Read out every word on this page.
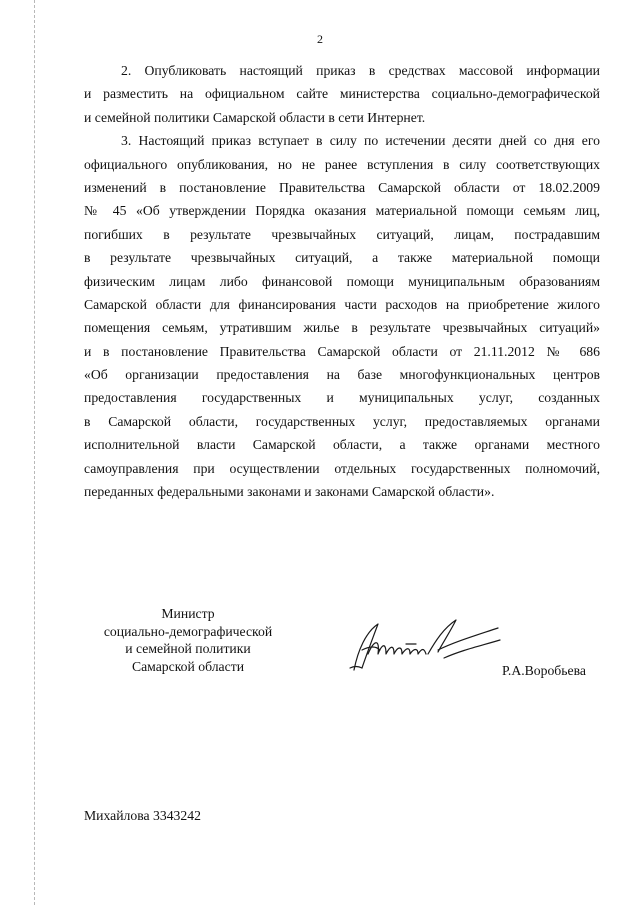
2
2. Опубликовать настоящий приказ в средствах массовой информации
и разместить на официальном сайте министерства социально-демографической
и семейной политики Самарской области в сети Интернет.
3. Настоящий приказ вступает в силу по истечении десяти дней со дня его
официального опубликования, но не ранее вступления в силу соответствующих
изменений в постановление Правительства Самарской области от 18.02.2009
№ 45 «Об утверждении Порядка оказания материальной помощи семьям лиц,
погибших в результате чрезвычайных ситуаций, лицам, пострадавшим
в результате чрезвычайных ситуаций, а также материальной помощи
физическим лицам либо финансовой помощи муниципальным образованиям
Самарской области для финансирования части расходов на приобретение жилого
помещения семьям, утратившим жилье в результате чрезвычайных ситуаций»
и в постановление Правительства Самарской области от 21.11.2012 № 686
«Об организации предоставления на базе многофункциональных центров
предоставления государственных и муниципальных услуг, созданных
в Самарской области, государственных услуг, предоставляемых органами
исполнительной власти Самарской области, а также органами местного
самоуправления при осуществлении отдельных государственных полномочий,
переданных федеральными законами и законами Самарской области».
Министр
социально-демографической
и семейной политики
Самарской области	Р.А.Воробьева
Михайлова 3343242
